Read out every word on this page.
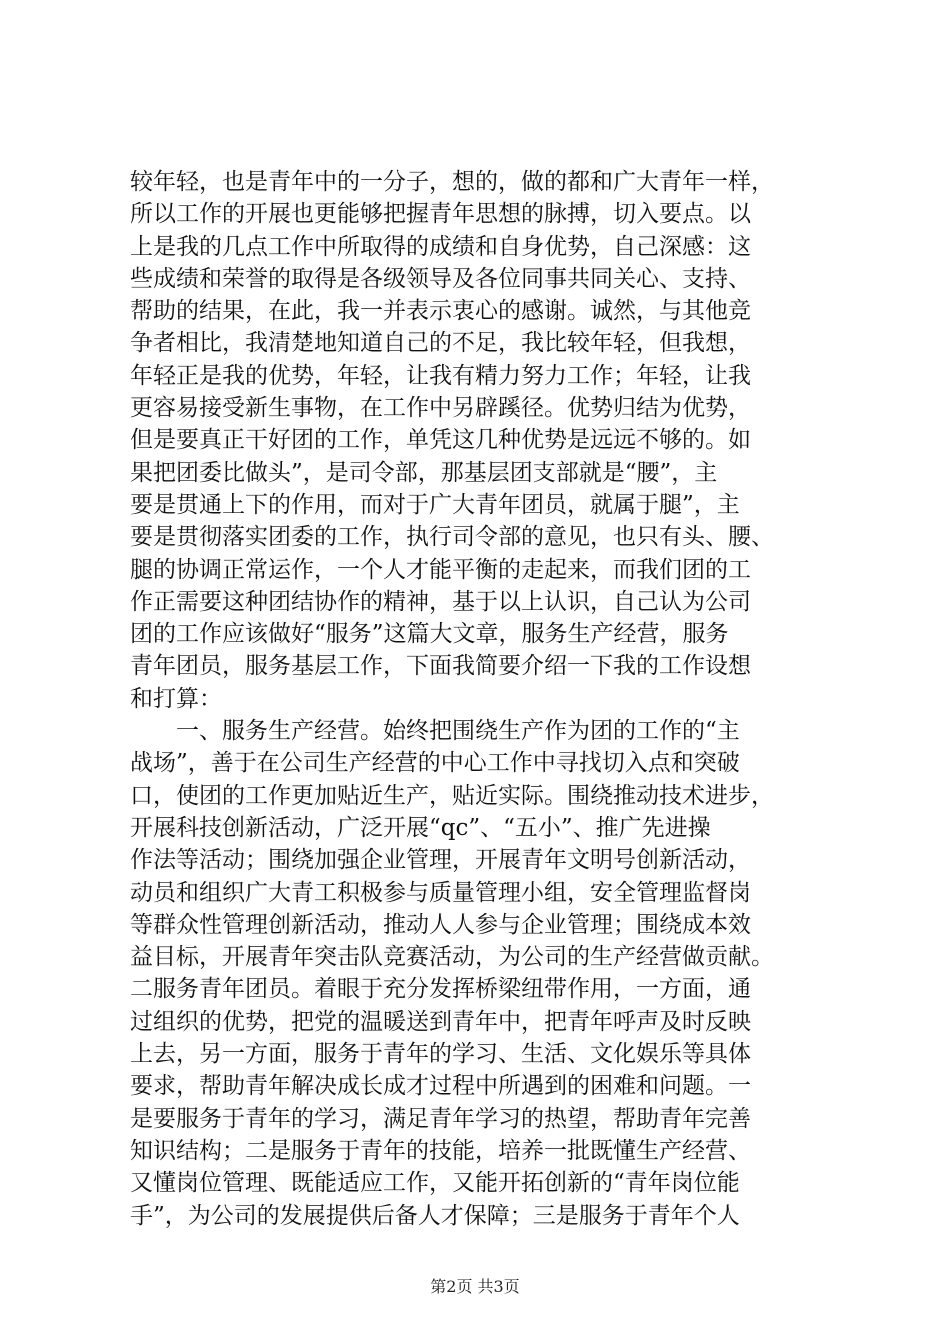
较年轻，也是青年中的一分子，想的，做的都和广大青年一样，
所以工作的开展也更能够把握青年思想的脉搏，切入要点。以
上是我的几点工作中所取得的成绩和自身优势，自己深感：这
些成绩和荣誉的取得是各级领导及各位同事共同关心、支持、
帮助的结果，在此，我一并表示衷心的感谢。诚然，与其他竞
争者相比，我清楚地知道自己的不足，我比较年轻，但我想，
年轻正是我的优势，年轻，让我有精力努力工作；年轻，让我
更容易接受新生事物，在工作中另辟蹊径。优势归结为优势，
但是要真正干好团的工作，单凭这几种优势是远远不够的。如
果把团委比做头”，是司令部，那基层团支部就是“腰”，主
要是贯通上下的作用，而对于广大青年团员，就属于腿”，主
要是贯彻落实团委的工作，执行司令部的意见，也只有头、腰、
腿的协调正常运作，一个人才能平衡的走起来，而我们团的工
作正需要这种团结协作的精神，基于以上认识，自己认为公司
团的工作应该做好“服务”这篇大文章，服务生产经营，服务
青年团员，服务基层工作，下面我简要介绍一下我的工作设想
和打算：
　　一、服务生产经营。始终把围绕生产作为团的工作的“主
战场”，善于在公司生产经营的中心工作中寻找切入点和突破
口，使团的工作更加贴近生产，贴近实际。围绕推动技术进步，
开展科技创新活动，广泛开展“qc”、“五小”、推广先进操
作法等活动；围绕加强企业管理，开展青年文明号创新活动，
动员和组织广大青工积极参与质量管理小组，安全管理监督岗
等群众性管理创新活动，推动人人参与企业管理；围绕成本效
益目标，开展青年突击队竞赛活动，为公司的生产经营做贡献。
二服务青年团员。着眼于充分发挥桥梁纽带作用，一方面，通
过组织的优势，把党的温暖送到青年中，把青年呼声及时反映
上去，另一方面，服务于青年的学习、生活、文化娱乐等具体
要求，帮助青年解决成长成才过程中所遇到的困难和问题。一
是要服务于青年的学习，满足青年学习的热望，帮助青年完善
知识结构；二是服务于青年的技能，培养一批既懂生产经营、
又懂岗位管理、既能适应工作，又能开拓创新的“青年岗位能
手”，为公司的发展提供后备人才保障；三是服务于青年个人
第2页 共3页
